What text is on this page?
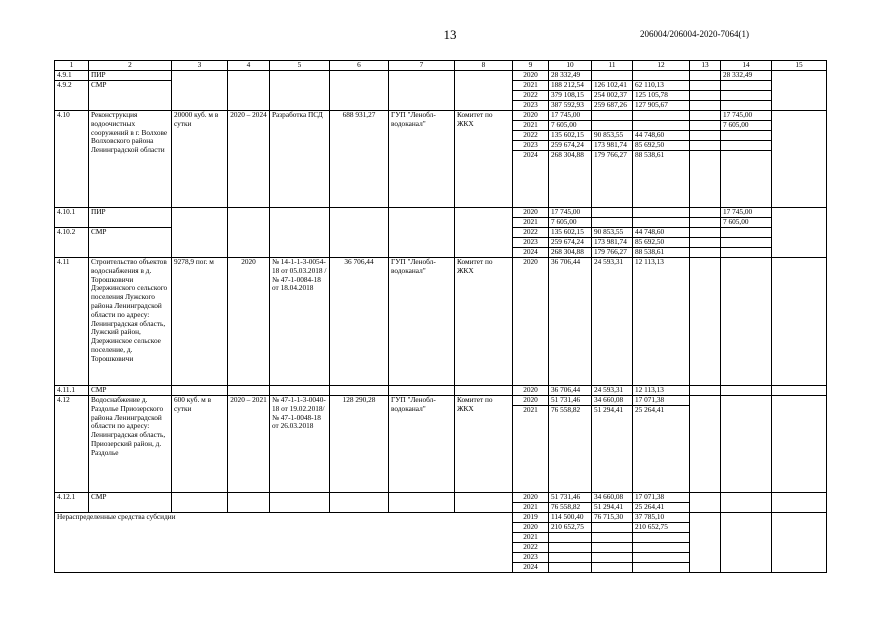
13	206004/206004-2020-7064(1)
1	2	3	4	5	6	7	8	9	10	11	12	13	14	15
4.9.1	ПИР							2020	28 332,49				28 332,49	
4.9.2	СМР							2021	188 212,54	126 102,41	62 110,13			
								2022	379 108,15	254 002,37	125 105,78			
								2023	387 592,93	259 687,26	127 905,67			
4.10	Реконструкция водоочистных сооружений в г. Волхове Волховского района Ленинградской области	20000 куб. м в сутки	2020 – 2024	Разработка ПСД	688 931,27	ГУП "Ленобл-водоканал"	Комитет по ЖКХ	2020	17 745,00				17 745,00	
								2021	7 605,00				7 605,00	
								2022	135 602,15	90 853,55	44 748,60			
								2023	259 674,24	173 981,74	85 692,50			
								2024	268 304,88	179 766,27	88 538,61			
4.10.1	ПИР							2020	17 745,00				17 745,00	
								2021	7 605,00				7 605,00	
4.10.2	СМР							2022	135 602,15	90 853,55	44 748,60			
								2023	259 674,24	173 981,74	85 692,50			
								2024	268 304,88	179 766,27	88 538,61			
4.11	Строительство объектов водоснабжения в д. Торошковичи Дзержинского сельского поселения Лужского района Ленинградской области по адресу: Ленинградская область, Лужский район, Дзержинское сельское поселение, д. Торошковичи	9278,9 пог. м	2020	№ 14-1-1-3-0054-18 от 05.03.2018 / № 47-1-0084-18 от 18.04.2018	36 706,44	ГУП "Ленобл-водоканал"	Комитет по ЖКХ	2020	36 706,44	24 593,31	12 113,13			
4.11.1	СМР							2020	36 706,44	24 593,31	12 113,13			
4.12	Водоснабжение д. Раздолье Приозерского района Ленинградской области по адресу: Ленинградская область, Приозерский район, д. Раздолье	600 куб. м в сутки	2020 – 2021	№ 47-1-1-3-0040-18 от 19.02.2018/ № 47-1-0048-18 от 26.03.2018	128 290,28	ГУП "Ленобл-водоканал"	Комитет по ЖКХ	2020	51 731,46	34 660,08	17 071,38			
								2021	76 558,82	51 294,41	25 264,41			
4.12.1	СМР							2020	51 731,46	34 660,08	17 071,38			
								2021	76 558,82	51 294,41	25 264,41			
Нераспределенные средства субсидии								2019	114 500,40	76 715,30	37 785,10			
								2020	210 652,75		210 652,75			
								2021						
								2022						
								2023						
								2024						
